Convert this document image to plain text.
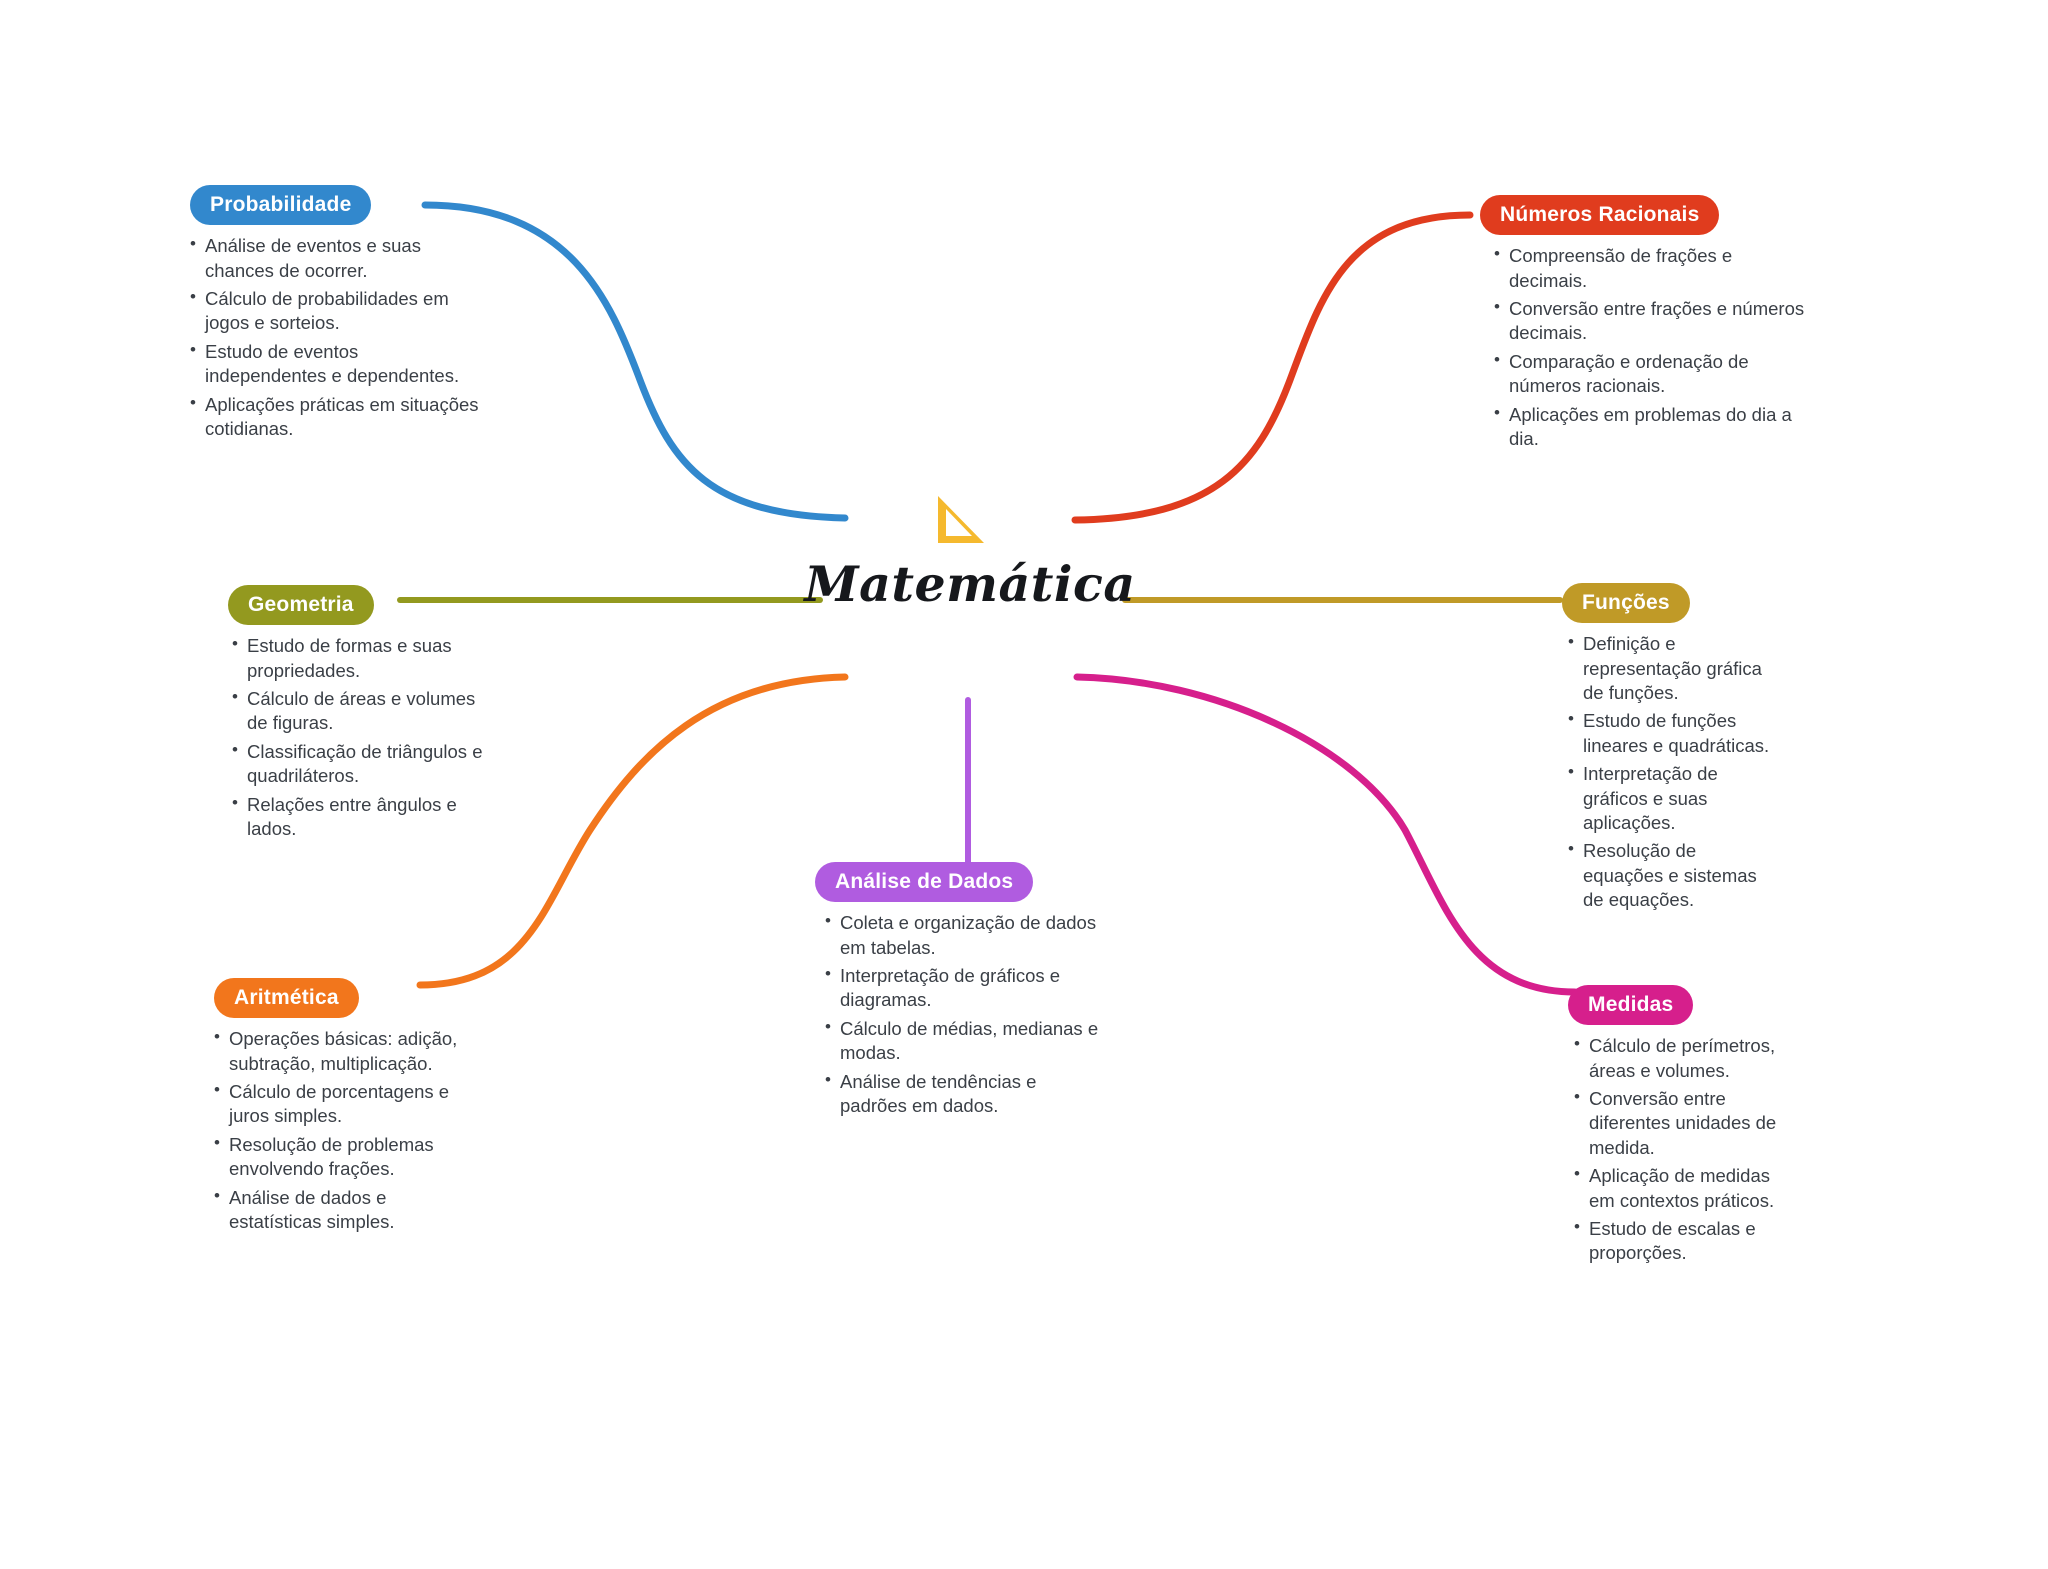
Matemática
Probabilidade
• Análise de eventos e suas chances de ocorrer.
• Cálculo de probabilidades em jogos e sorteios.
• Estudo de eventos independentes e dependentes.
• Aplicações práticas em situações cotidianas.
Números Racionais
• Compreensão de frações e decimais.
• Conversão entre frações e números decimais.
• Comparação e ordenação de números racionais.
• Aplicações em problemas do dia a dia.
Geometria
• Estudo de formas e suas propriedades.
• Cálculo de áreas e volumes de figuras.
• Classificação de triângulos e quadriláteros.
• Relações entre ângulos e lados.
Funções
• Definição e representação gráfica de funções.
• Estudo de funções lineares e quadráticas.
• Interpretação de gráficos e suas aplicações.
• Resolução de equações e sistemas de equações.
Aritmética
• Operações básicas: adição, subtração, multiplicação.
• Cálculo de porcentagens e juros simples.
• Resolução de problemas envolvendo frações.
• Análise de dados e estatísticas simples.
Medidas
• Cálculo de perímetros, áreas e volumes.
• Conversão entre diferentes unidades de medida.
• Aplicação de medidas em contextos práticos.
• Estudo de escalas e proporções.
Análise de Dados
• Coleta e organização de dados em tabelas.
• Interpretação de gráficos e diagramas.
• Cálculo de médias, medianas e modas.
• Análise de tendências e padrões em dados.
